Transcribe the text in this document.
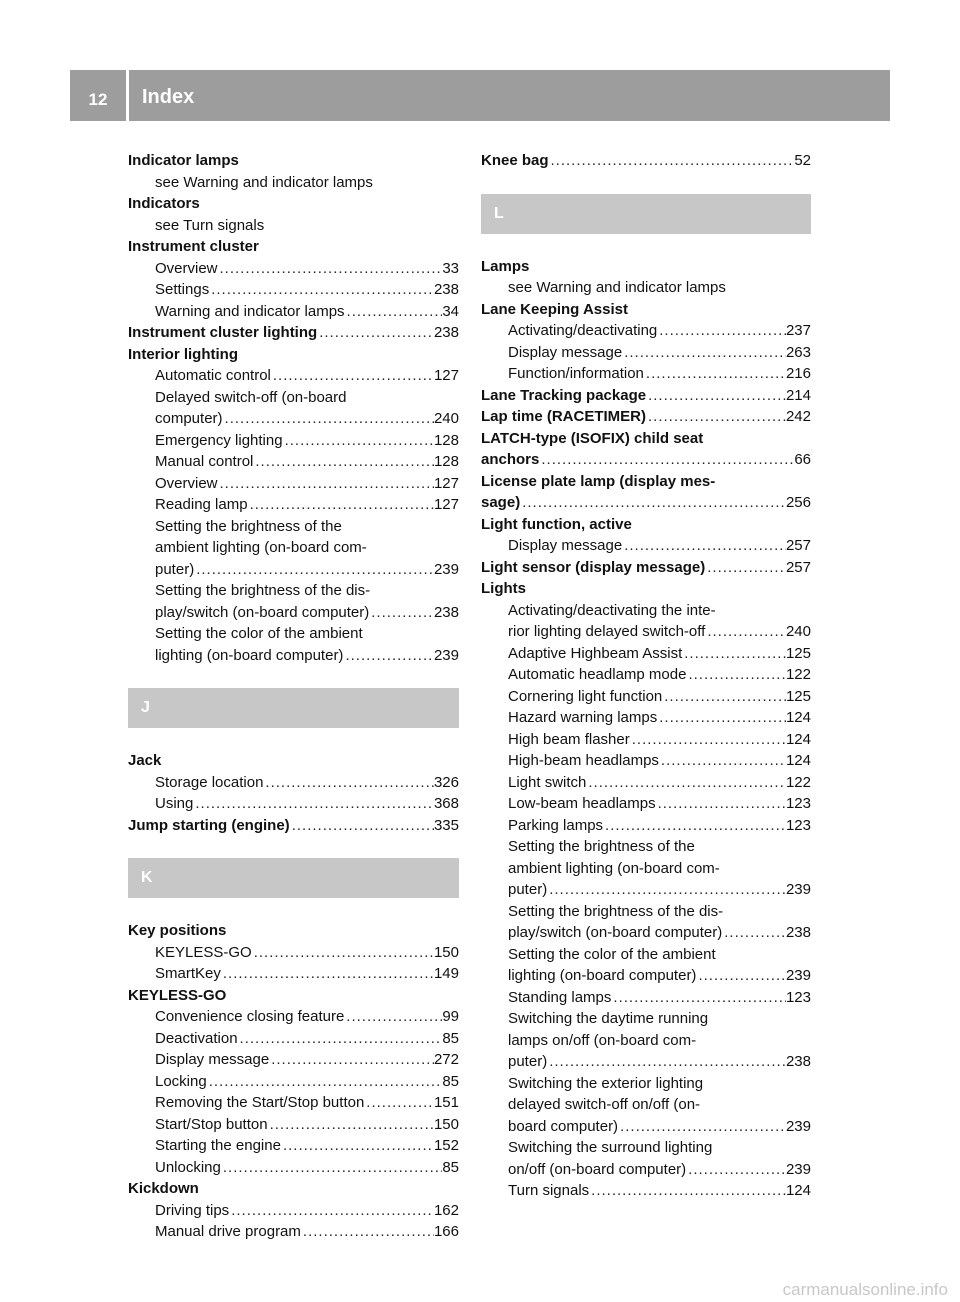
12	Index
Indicator lamps
see Warning and indicator lamps
Indicators
see Turn signals
Instrument cluster
Overview .....	33
Settings .....	238
Warning and indicator lamps .....	34
Instrument cluster lighting .....	238
Interior lighting
Automatic control .....	127
Delayed switch-off (on-board
computer) .....	240
Emergency lighting .....	128
Manual control .....	128
Overview .....	127
Reading lamp .....	127
Setting the brightness of the
ambient lighting (on-board com-
puter) .....	239
Setting the brightness of the dis-
play/switch (on-board computer) .....	238
Setting the color of the ambient
lighting (on-board computer) .....	239
J
Jack
Storage location .....	326
Using .....	368
Jump starting (engine) .....	335
K
Key positions
KEYLESS-GO .....	150
SmartKey .....	149
KEYLESS-GO
Convenience closing feature .....	99
Deactivation .....	85
Display message .....	272
Locking .....	85
Removing the Start/Stop button .....	151
Start/Stop button .....	150
Starting the engine .....	152
Unlocking .....	85
Kickdown
Driving tips .....	162
Manual drive program .....	166
Knee bag .....	52
L
Lamps
see Warning and indicator lamps
Lane Keeping Assist
Activating/deactivating .....	237
Display message .....	263
Function/information .....	216
Lane Tracking package .....	214
Lap time (RACETIMER) .....	242
LATCH-type (ISOFIX) child seat
anchors .....	66
License plate lamp (display mes-
sage) .....	256
Light function, active
Display message .....	257
Light sensor (display message) .....	257
Lights
Activating/deactivating the inte-
rior lighting delayed switch-off .....	240
Adaptive Highbeam Assist .....	125
Automatic headlamp mode .....	122
Cornering light function .....	125
Hazard warning lamps .....	124
High beam flasher .....	124
High-beam headlamps .....	124
Light switch .....	122
Low-beam headlamps .....	123
Parking lamps .....	123
Setting the brightness of the
ambient lighting (on-board com-
puter) .....	239
Setting the brightness of the dis-
play/switch (on-board computer) .....	238
Setting the color of the ambient
lighting (on-board computer) .....	239
Standing lamps .....	123
Switching the daytime running
lamps on/off (on-board com-
puter) .....	238
Switching the exterior lighting
delayed switch-off on/off (on-
board computer) .....	239
Switching the surround lighting
on/off (on-board computer) .....	239
Turn signals .....	124
carmanualsonline.info
